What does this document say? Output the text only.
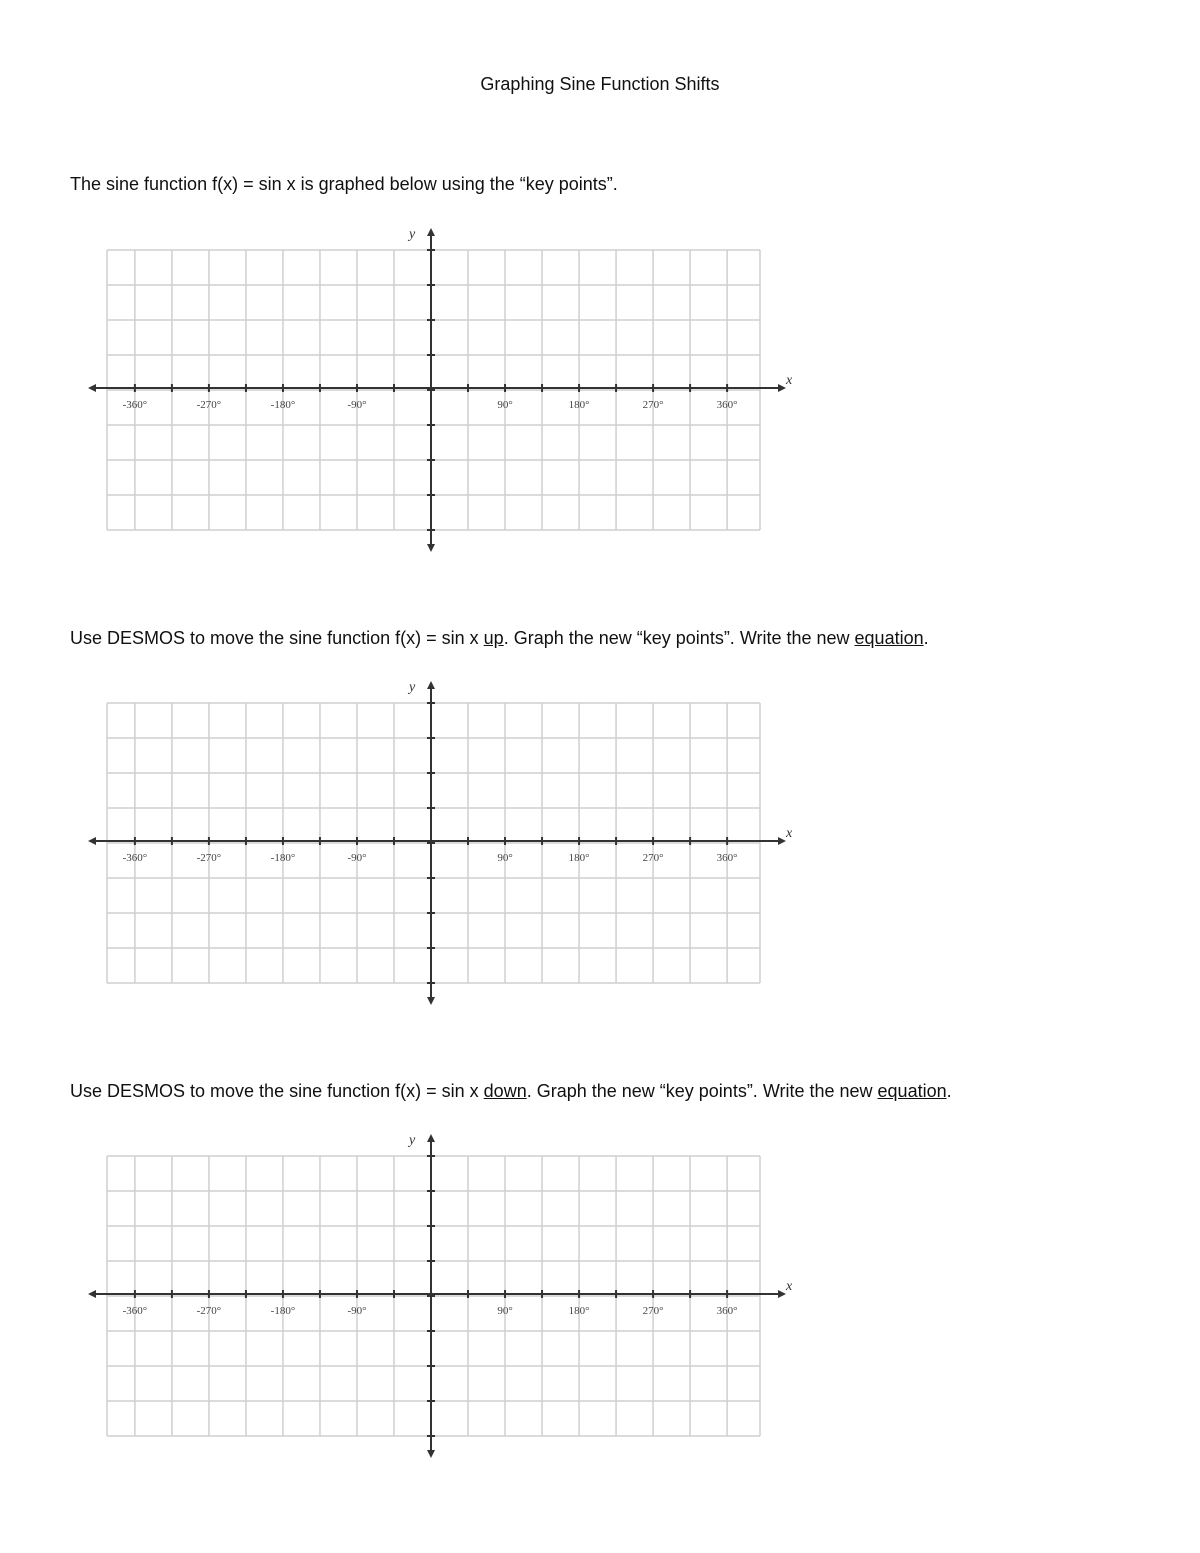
Graphing Sine Function Shifts
The sine function f(x) = sin x is graphed below using the “key points”.
x
y
-360°	-270°	-180°	-90°	90°	180°	270°	360°
Use DESMOS to move the sine function f(x) = sin x up. Graph the new “key points”. Write the new equation.
x
y
-360°	-270°	-180°	-90°	90°	180°	270°	360°
Use DESMOS to move the sine function f(x) = sin x down. Graph the new “key points”. Write the new equation.
x
y
-360°	-270°	-180°	-90°	90°	180°	270°	360°
